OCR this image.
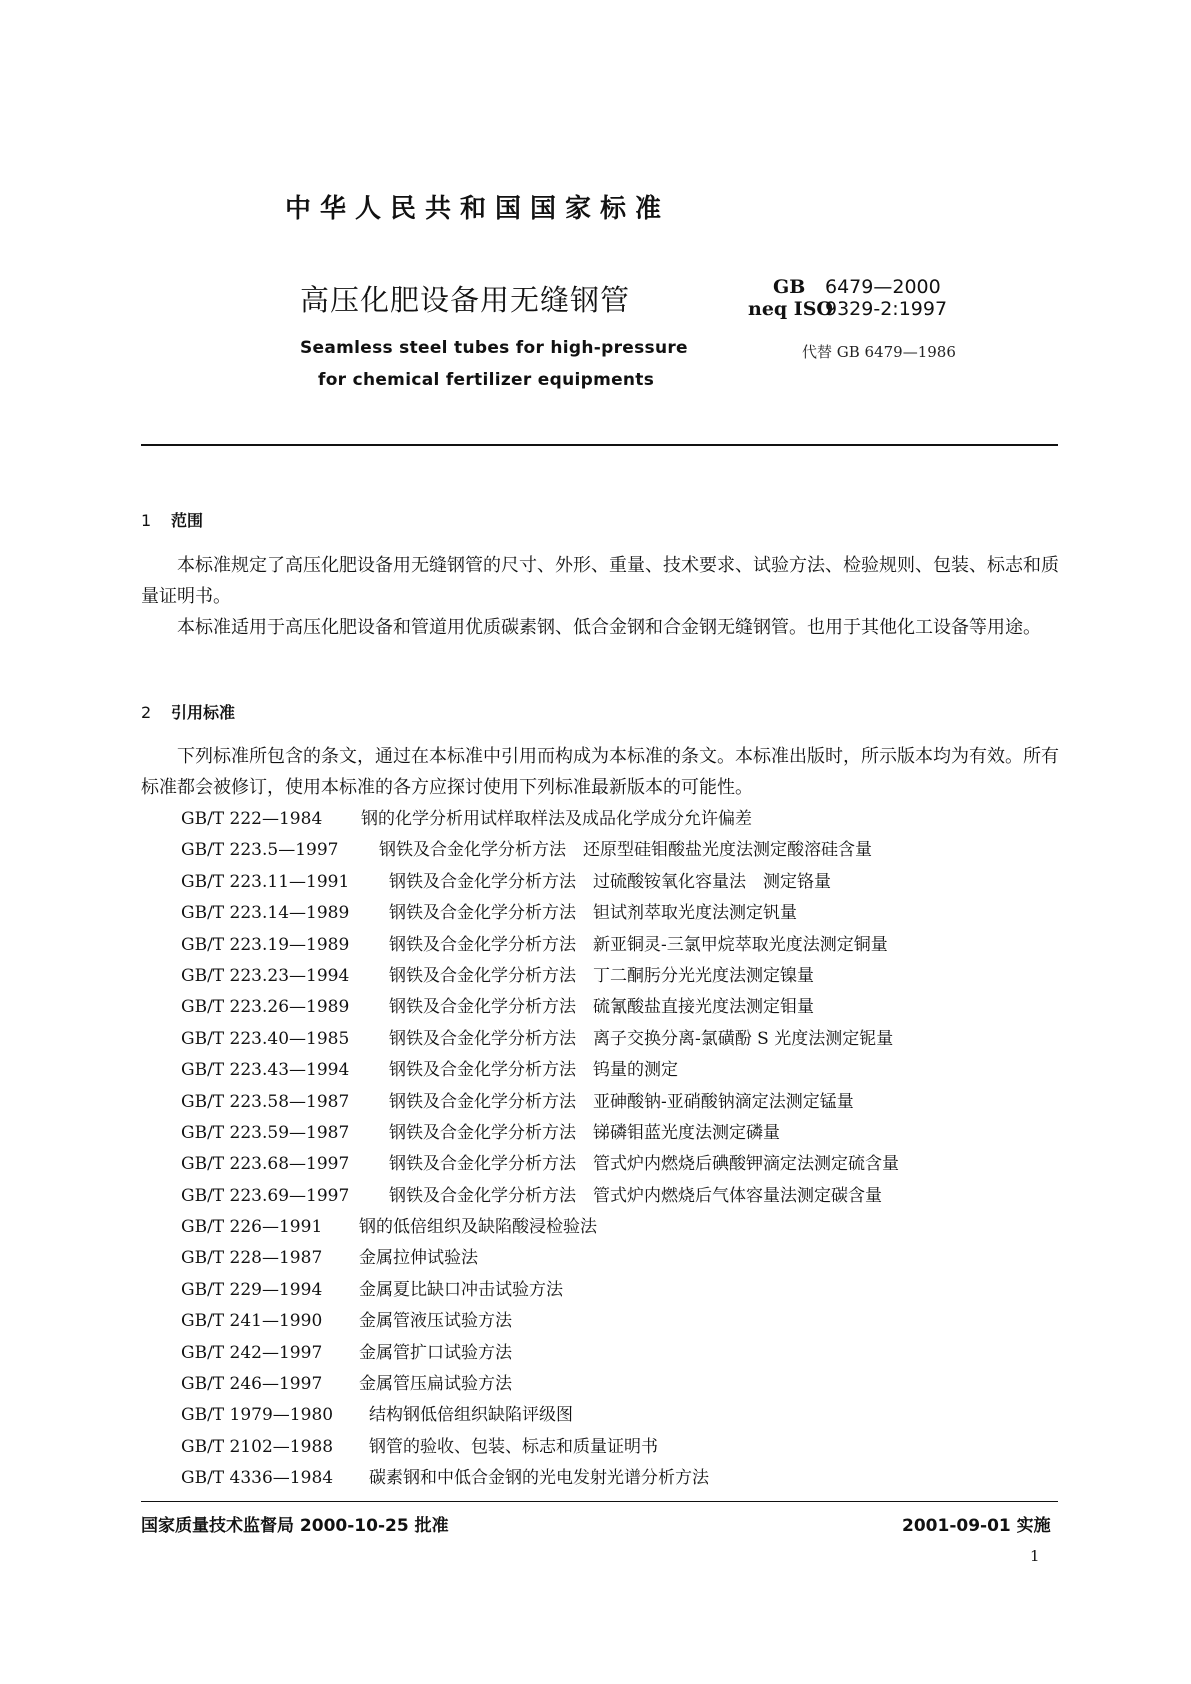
中华人民共和国国家标准
高压化肥设备用无缝钢管	GB 6479—2000
neq ISO9329-2:1997
Seamless steel tubes for high-pressure
for chemical fertilizer equipments
代替 GB 6479—1986
1 范围
本标准规定了高压化肥设备用无缝钢管的尺寸、外形、重量、技术要求、试验方法、检验规则、包装、标志和质量证明书。
本标准适用于高压化肥设备和管道用优质碳素钢、低合金钢和合金钢无缝钢管。也用于其他化工设备等用途。
2 引用标准
下列标准所包含的条文，通过在本标准中引用而构成为本标准的条文。本标准出版时，所示版本均为有效。所有标准都会被修订，使用本标准的各方应探讨使用下列标准最新版本的可能性。
GB/T 222—1984 钢的化学分析用试样取样法及成品化学成分允许偏差
GB/T 223.5—1997 钢铁及合金化学分析方法　还原型硅钼酸盐光度法测定酸溶硅含量
GB/T 223.11—1991 钢铁及合金化学分析方法　过硫酸铵氧化容量法　测定铬量
GB/T 223.14—1989 钢铁及合金化学分析方法　钽试剂萃取光度法测定钒量
GB/T 223.19—1989 钢铁及合金化学分析方法　新亚铜灵-三氯甲烷萃取光度法测定铜量
GB/T 223.23—1994 钢铁及合金化学分析方法　丁二酮肟分光光度法测定镍量
GB/T 223.26—1989 钢铁及合金化学分析方法　硫氰酸盐直接光度法测定钼量
GB/T 223.40—1985 钢铁及合金化学分析方法　离子交换分离-氯磺酚 S 光度法测定铌量
GB/T 223.43—1994 钢铁及合金化学分析方法　钨量的测定
GB/T 223.58—1987 钢铁及合金化学分析方法　亚砷酸钠-亚硝酸钠滴定法测定锰量
GB/T 223.59—1987 钢铁及合金化学分析方法　锑磷钼蓝光度法测定磷量
GB/T 223.68—1997 钢铁及合金化学分析方法　管式炉内燃烧后碘酸钾滴定法测定硫含量
GB/T 223.69—1997 钢铁及合金化学分析方法　管式炉内燃烧后气体容量法测定碳含量
GB/T 226—1991 钢的低倍组织及缺陷酸浸检验法
GB/T 228—1987 金属拉伸试验法
GB/T 229—1994 金属夏比缺口冲击试验方法
GB/T 241—1990 金属管液压试验方法
GB/T 242—1997 金属管扩口试验方法
GB/T 246—1997 金属管压扁试验方法
GB/T 1979—1980 结构钢低倍组织缺陷评级图
GB/T 2102—1988 钢管的验收、包装、标志和质量证明书
GB/T 4336—1984 碳素钢和中低合金钢的光电发射光谱分析方法
国家质量技术监督局 2000-10-25 批准	2001-09-01 实施
1
